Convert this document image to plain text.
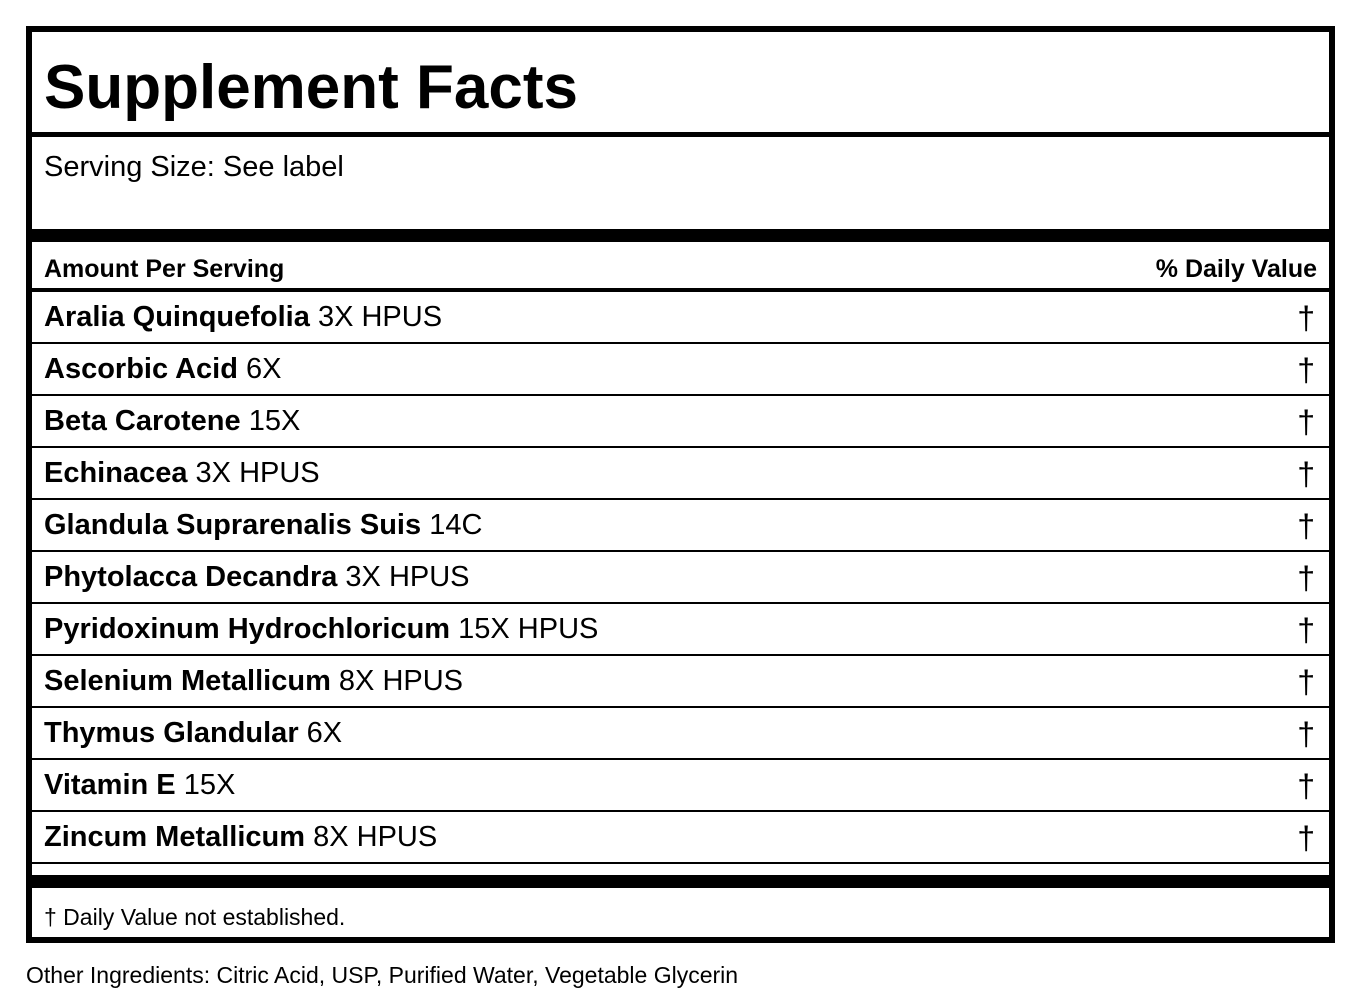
Supplement Facts
Serving Size: See label
Amount Per Serving	% Daily Value
Aralia Quinquefolia 3X HPUS	†
Ascorbic Acid 6X	†
Beta Carotene 15X	†
Echinacea 3X HPUS	†
Glandula Suprarenalis Suis 14C	†
Phytolacca Decandra 3X HPUS	†
Pyridoxinum Hydrochloricum 15X HPUS	†
Selenium Metallicum 8X HPUS	†
Thymus Glandular 6X	†
Vitamin E 15X	†
Zincum Metallicum 8X HPUS	†
† Daily Value not established.
Other Ingredients: Citric Acid, USP, Purified Water, Vegetable Glycerin
